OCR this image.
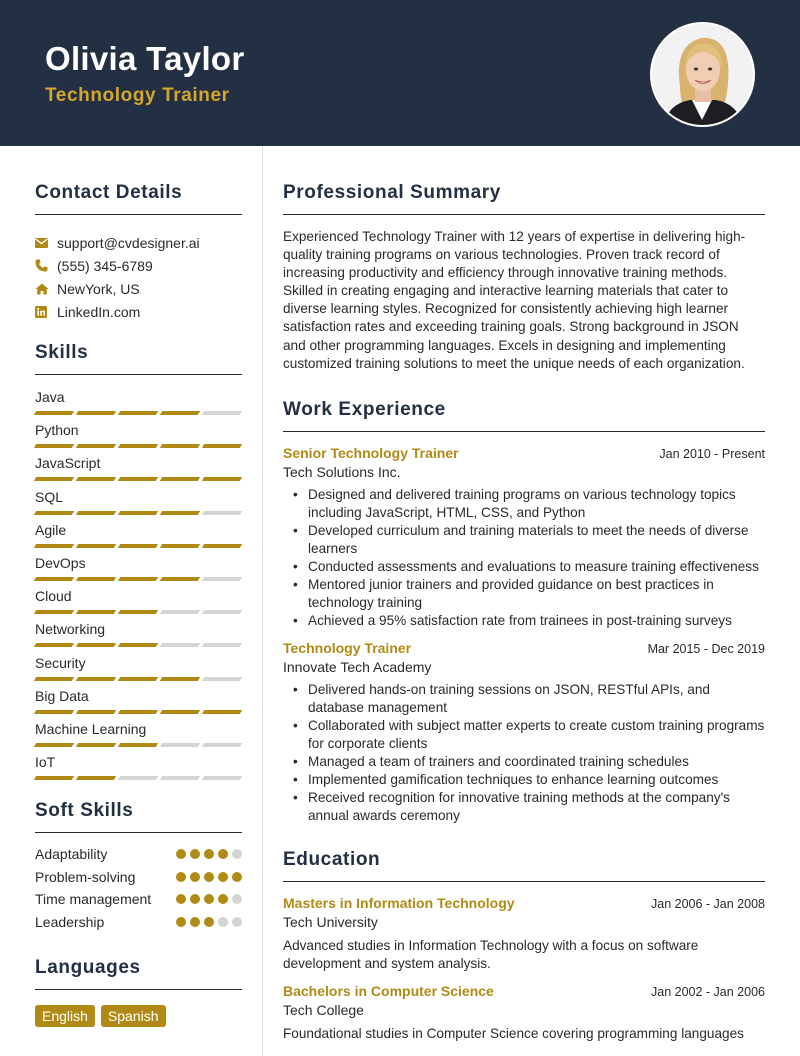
Olivia Taylor
Technology Trainer
Contact Details
support@cvdesigner.ai
(555) 345-6789
NewYork, US
LinkedIn.com
Skills
Java
Python
JavaScript
SQL
Agile
DevOps
Cloud
Networking
Security
Big Data
Machine Learning
IoT
Soft Skills
Adaptability
Problem-solving
Time management
Leadership
Languages
English	Spanish
Professional Summary
Experienced Technology Trainer with 12 years of expertise in delivering high-quality training programs on various technologies. Proven track record of increasing productivity and efficiency through innovative training methods. Skilled in creating engaging and interactive learning materials that cater to diverse learning styles. Recognized for consistently achieving high learner satisfaction rates and exceeding training goals. Strong background in JSON and other programming languages. Excels in designing and implementing customized training solutions to meet the unique needs of each organization.
Work Experience
Senior Technology Trainer	Jan 2010 - Present
Tech Solutions Inc.
• Designed and delivered training programs on various technology topics including JavaScript, HTML, CSS, and Python
• Developed curriculum and training materials to meet the needs of diverse learners
• Conducted assessments and evaluations to measure training effectiveness
• Mentored junior trainers and provided guidance on best practices in technology training
• Achieved a 95% satisfaction rate from trainees in post-training surveys
Technology Trainer	Mar 2015 - Dec 2019
Innovate Tech Academy
• Delivered hands-on training sessions on JSON, RESTful APIs, and database management
• Collaborated with subject matter experts to create custom training programs for corporate clients
• Managed a team of trainers and coordinated training schedules
• Implemented gamification techniques to enhance learning outcomes
• Received recognition for innovative training methods at the company's annual awards ceremony
Education
Masters in Information Technology	Jan 2006 - Jan 2008
Tech University
Advanced studies in Information Technology with a focus on software development and system analysis.
Bachelors in Computer Science	Jan 2002 - Jan 2006
Tech College
Foundational studies in Computer Science covering programming languages
